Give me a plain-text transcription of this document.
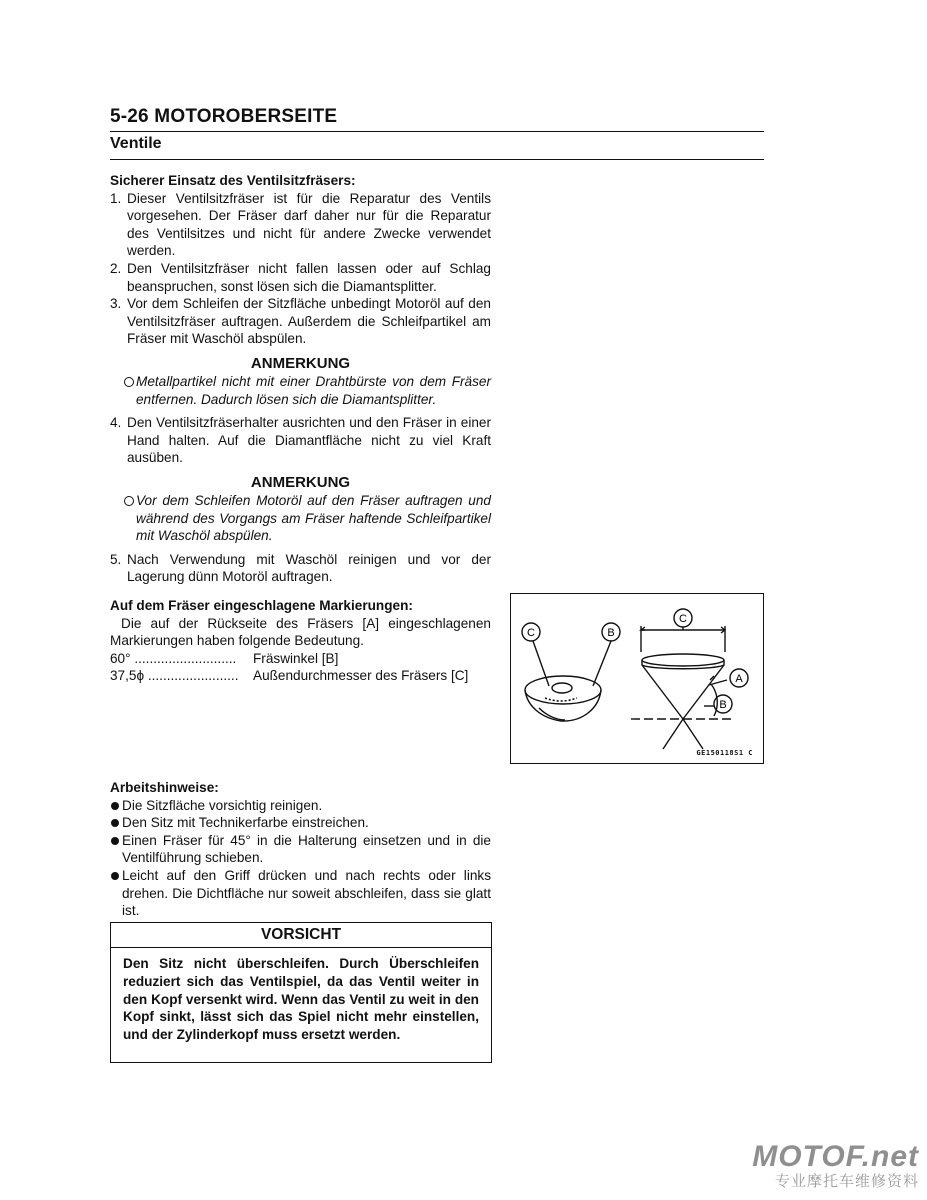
5-26 MOTOROBERSEITE
Ventile
Sicherer Einsatz des Ventilsitzfräsers:
1. Dieser Ventilsitzfräser ist für die Reparatur des Ventils vorgesehen. Der Fräser darf daher nur für die Reparatur des Ventilsitzes und nicht für andere Zwecke verwendet werden.
2. Den Ventilsitzfräser nicht fallen lassen oder auf Schlag beanspruchen, sonst lösen sich die Diamantsplitter.
3. Vor dem Schleifen der Sitzfläche unbedingt Motoröl auf den Ventilsitzfräser auftragen. Außerdem die Schleifpartikel am Fräser mit Waschöl abspülen.
ANMERKUNG
Metallpartikel nicht mit einer Drahtbürste von dem Fräser entfernen. Dadurch lösen sich die Diamantsplitter.
4. Den Ventilsitzfräserhalter ausrichten und den Fräser in einer Hand halten. Auf die Diamantfläche nicht zu viel Kraft ausüben.
ANMERKUNG
Vor dem Schleifen Motoröl auf den Fräser auftragen und während des Vorgangs am Fräser haftende Schleifpartikel mit Waschöl abspülen.
5. Nach Verwendung mit Waschöl reinigen und vor der Lagerung dünn Motoröl auftragen.
Auf dem Fräser eingeschlagene Markierungen:
Die auf der Rückseite des Fräsers [A] eingeschlagenen Markierungen haben folgende Bedeutung.
60° ...........................	Fräswinkel [B]
37,5ϕ ........................	Außendurchmesser des Fräsers [C]
C	B
A
B
C
GE150118S1 C
Arbeitshinweise:
Die Sitzfläche vorsichtig reinigen.
Den Sitz mit Technikerfarbe einstreichen.
Einen Fräser für 45° in die Halterung einsetzen und in die Ventilführung schieben.
Leicht auf den Griff drücken und nach rechts oder links drehen. Die Dichtfläche nur soweit abschleifen, dass sie glatt ist.
VORSICHT
Den Sitz nicht überschleifen. Durch Überschleifen reduziert sich das Ventilspiel, da das Ventil weiter in den Kopf versenkt wird. Wenn das Ventil zu weit in den Kopf sinkt, lässt sich das Spiel nicht mehr einstellen, und der Zylinderkopf muss ersetzt werden.
MOTOF.net
专业摩托车维修资料
